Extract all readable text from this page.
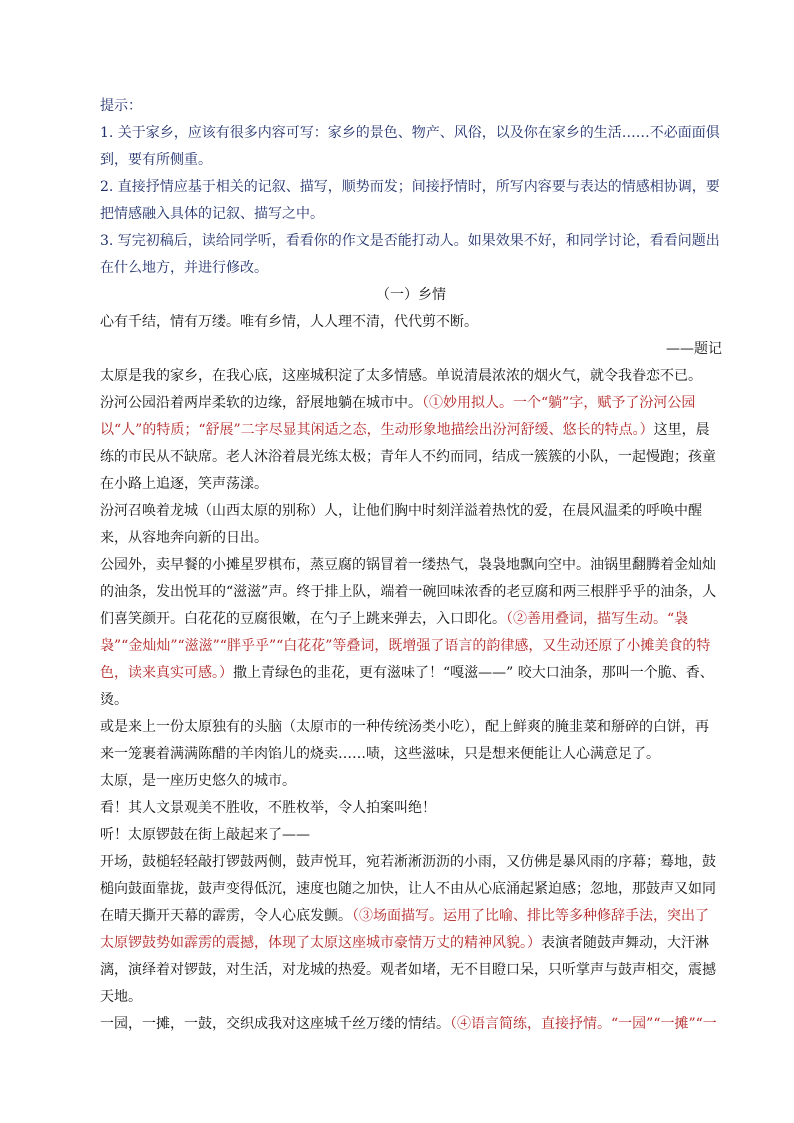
提示：

1. 关于家乡，应该有很多内容可写：家乡的景色、物产、风俗，以及你在家乡的生活……不必面面俱到，要有所侧重。

2. 直接抒情应基于相关的记叙、描写，顺势而发；间接抒情时，所写内容要与表达的情感相协调，要把情感融入具体的记叙、描写之中。

3. 写完初稿后，读给同学听，看看你的作文是否能打动人。如果效果不好，和同学讨论，看看问题出在什么地方，并进行修改。

（一）乡情

心有千结，情有万缕。唯有乡情，人人理不清，代代剪不断。

——题记

太原是我的家乡，在我心底，这座城积淀了太多情感。单说清晨浓浓的烟火气，就令我眷恋不已。

汾河公园沿着两岸柔软的边缘，舒展地躺在城市中。（①妙用拟人。一个“躺”字，赋予了汾河公园以“人”的特质；“舒展”二字尽显其闲适之态，生动形象地描绘出汾河舒缓、悠长的特点。）这里，晨练的市民从不缺席。老人沐浴着晨光练太极；青年人不约而同，结成一簇簇的小队，一起慢跑；孩童在小路上追逐，笑声荡漾。

汾河召唤着龙城（山西太原的别称）人，让他们胸中时刻洋溢着热忱的爱，在晨风温柔的呼唤中醒来，从容地奔向新的日出。

公园外，卖早餐的小摊星罗棋布，蒸豆腐的锅冒着一缕热气，袅袅地飘向空中。油锅里翻腾着金灿灿的油条，发出悦耳的“滋滋”声。终于排上队，端着一碗回味浓香的老豆腐和两三根胖乎乎的油条，人们喜笑颜开。白花花的豆腐很嫩，在勺子上跳来弹去，入口即化。（②善用叠词，描写生动。“袅袅”“金灿灿”“滋滋”“胖乎乎”“白花花”等叠词，既增强了语言的韵律感，又生动还原了小摊美食的特色，读来真实可感。）撒上青绿色的韭花，更有滋味了！“嘎滋——” 咬大口油条，那叫一个脆、香、烫。

或是来上一份太原独有的头脑（太原市的一种传统汤类小吃），配上鲜爽的腌韭菜和掰碎的白饼，再来一笼裹着满满陈醋的羊肉馅儿的烧卖……啧，这些滋味，只是想来便能让人心满意足了。

太原，是一座历史悠久的城市。

看！其人文景观美不胜收，不胜枚举，令人拍案叫绝！

听！太原锣鼓在街上敲起来了——

开场，鼓槌轻轻敲打锣鼓两侧，鼓声悦耳，宛若淅淅沥沥的小雨，又仿佛是暴风雨的序幕；蓦地，鼓槌向鼓面靠拢，鼓声变得低沉，速度也随之加快，让人不由从心底涌起紧迫感；忽地，那鼓声又如同在晴天撕开天幕的霹雳，令人心底发颤。（③场面描写。运用了比喻、排比等多种修辞手法，突出了太原锣鼓势如霹雳的震撼，体现了太原这座城市豪情万丈的精神风貌。）表演者随鼓声舞动，大汗淋漓，演绎着对锣鼓，对生活，对龙城的热爱。观者如堵，无不目瞪口呆，只听掌声与鼓声相交，震撼天地。

一园，一摊，一鼓，交织成我对这座城千丝万缕的情结。（④语言简练，直接抒情。“一园”“一摊”“一
